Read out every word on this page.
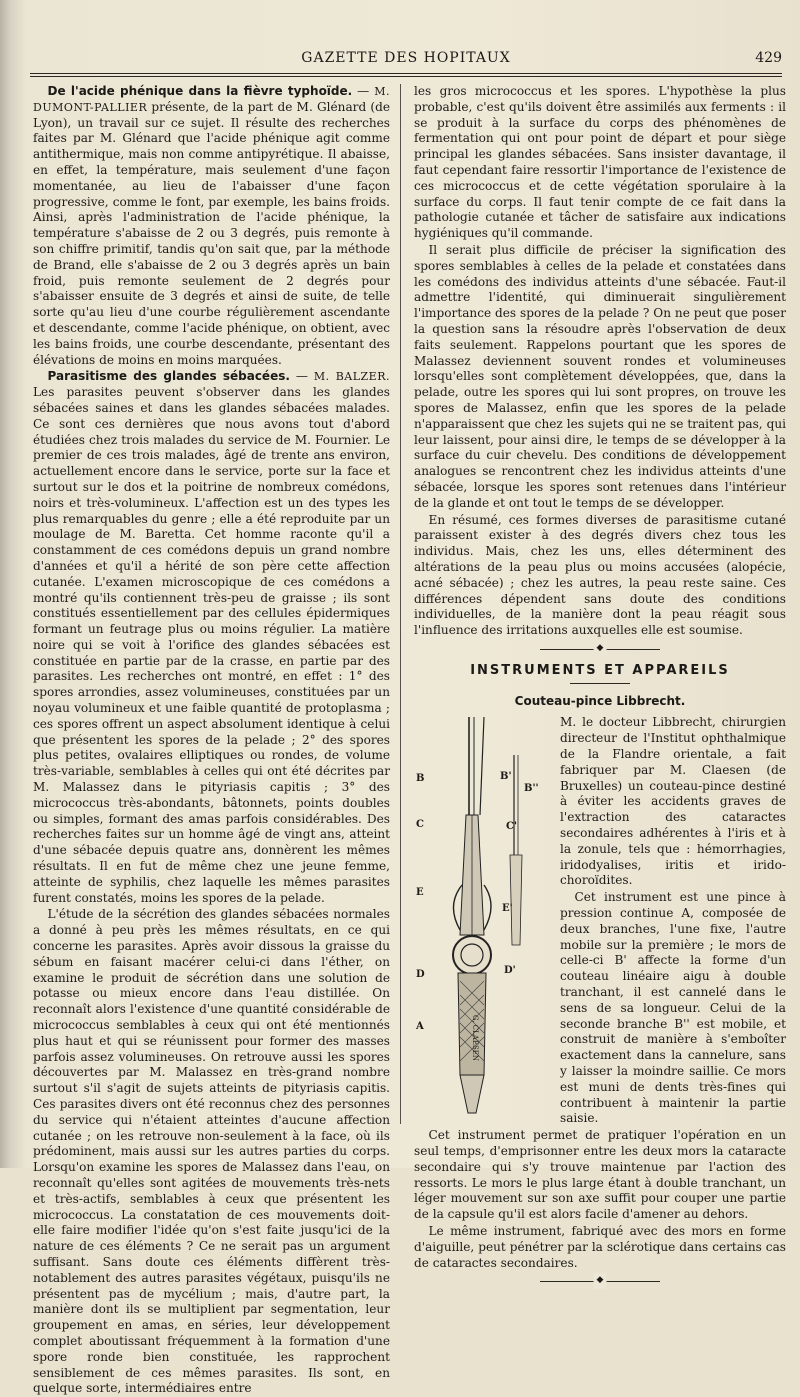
GAZETTE DES HOPITAUX	429

De l'acide phénique dans la fièvre typhoïde. — M. DUMONT-PALLIER présente, de la part de M. Glénard (de Lyon), un travail sur ce sujet. Il résulte des recherches faites par M. Glénard que l'acide phénique agit comme antithermique, mais non comme antipyrétique. Il abaisse, en effet, la température, mais seulement d'une façon momentanée, au lieu de l'abaisser d'une façon progressive, comme le font, par exemple, les bains froids. Ainsi, après l'administration de l'acide phénique, la température s'abaisse de 2 ou 3 degrés, puis remonte à son chiffre primitif, tandis qu'on sait que, par la méthode de Brand, elle s'abaisse de 2 ou 3 degrés après un bain froid, puis remonte seulement de 2 degrés pour s'abaisser ensuite de 3 degrés et ainsi de suite, de telle sorte qu'au lieu d'une courbe régulièrement ascendante et descendante, comme l'acide phénique, on obtient, avec les bains froids, une courbe descendante, présentant des élévations de moins en moins marquées.

Parasitisme des glandes sébacées. — M. BALZER. Les parasites peuvent s'observer dans les glandes sébacées saines et dans les glandes sébacées malades. Ce sont ces dernières que nous avons tout d'abord étudiées chez trois malades du service de M. Fournier. Le premier de ces trois malades, âgé de trente ans environ, actuellement encore dans le service, porte sur la face et surtout sur le dos et la poitrine de nombreux comédons, noirs et très-volumineux. L'affection est un des types les plus remarquables du genre ; elle a été reproduite par un moulage de M. Baretta. Cet homme raconte qu'il a constamment de ces comédons depuis un grand nombre d'années et qu'il a hérité de son père cette affection cutanée. L'examen microscopique de ces comédons a montré qu'ils contiennent très-peu de graisse ; ils sont constitués essentiellement par des cellules épidermiques formant un feutrage plus ou moins régulier. La matière noire qui se voit à l'orifice des glandes sébacées est constituée en partie par de la crasse, en partie par des parasites. Les recherches ont montré, en effet : 1° des spores arrondies, assez volumineuses, constituées par un noyau volumineux et une faible quantité de protoplasma ; ces spores offrent un aspect absolument identique à celui que présentent les spores de la pelade ; 2° des spores plus petites, ovalaires elliptiques ou rondes, de volume très-variable, semblables à celles qui ont été décrites par M. Malassez dans le pityriasis capitis ; 3° des micrococcus très-abondants, bâtonnets, points doubles ou simples, formant des amas parfois considérables. Des recherches faites sur un homme âgé de vingt ans, atteint d'une sébacée depuis quatre ans, donnèrent les mêmes résultats. Il en fut de même chez une jeune femme, atteinte de syphilis, chez laquelle les mêmes parasites furent constatés, moins les spores de la pelade.

L'étude de la sécrétion des glandes sébacées normales a donné à peu près les mêmes résultats, en ce qui concerne les parasites. Après avoir dissous la graisse du sébum en faisant macérer celui-ci dans l'éther, on examine le produit de sécrétion dans une solution de potasse ou mieux encore dans l'eau distillée. On reconnaît alors l'existence d'une quantité considérable de micrococcus semblables à ceux qui ont été mentionnés plus haut et qui se réunissent pour former des masses parfois assez volumineuses. On retrouve aussi les spores découvertes par M. Malassez en très-grand nombre surtout s'il s'agit de sujets atteints de pityriasis capitis. Ces parasites divers ont été reconnus chez des personnes du service qui n'étaient atteintes d'aucune affection cutanée ; on les retrouve non-seulement à la face, où ils prédominent, mais aussi sur les autres parties du corps. Lorsqu'on examine les spores de Malassez dans l'eau, on reconnaît qu'elles sont agitées de mouvements très-nets et très-actifs, semblables à ceux que présentent les micrococcus. La constatation de ces mouvements doit-elle faire modifier l'idée qu'on s'est faite jusqu'ici de la nature de ces éléments ? Ce ne serait pas un argument suffisant. Sans doute ces éléments diffèrent très-notablement des autres parasites végétaux, puisqu'ils ne présentent pas de mycélium ; mais, d'autre part, la manière dont ils se multiplient par segmentation, leur groupement en amas, en séries, leur développement complet aboutissant fréquemment à la formation d'une spore ronde bien constituée, les rapprochent sensiblement de ces mêmes parasites. Ils sont, en quelque sorte, intermédiaires entre

les gros micrococcus et les spores. L'hypothèse la plus probable, c'est qu'ils doivent être assimilés aux ferments : il se produit à la surface du corps des phénomènes de fermentation qui ont pour point de départ et pour siège principal les glandes sébacées. Sans insister davantage, il faut cependant faire ressortir l'importance de l'existence de ces micrococcus et de cette végétation sporulaire à la surface du corps. Il faut tenir compte de ce fait dans la pathologie cutanée et tâcher de satisfaire aux indications hygiéniques qu'il commande.

Il serait plus difficile de préciser la signification des spores semblables à celles de la pelade et constatées dans les comédons des individus atteints d'une sébacée. Faut-il admettre l'identité, qui diminuerait singulièrement l'importance des spores de la pelade ? On ne peut que poser la question sans la résoudre après l'observation de deux faits seulement. Rappelons pourtant que les spores de Malassez deviennent souvent rondes et volumineuses lorsqu'elles sont complètement développées, que, dans la pelade, outre les spores qui lui sont propres, on trouve les spores de Malassez, enfin que les spores de la pelade n'apparaissent que chez les sujets qui ne se traitent pas, qui leur laissent, pour ainsi dire, le temps de se développer à la surface du cuir chevelu. Des conditions de développement analogues se rencontrent chez les individus atteints d'une sébacée, lorsque les spores sont retenues dans l'intérieur de la glande et ont tout le temps de se développer.

En résumé, ces formes diverses de parasitisme cutané paraissent exister à des degrés divers chez tous les individus. Mais, chez les uns, elles déterminent des altérations de la peau plus ou moins accusées (alopécie, acné sébacée) ; chez les autres, la peau reste saine. Ces différences dépendent sans doute des conditions individuelles, de la manière dont la peau réagit sous l'influence des irritations auxquelles elle est soumise.

◆
INSTRUMENTS ET APPAREILS
Couteau-pince Libbrecht.

B	B'
B''
C	C'
E
E'
D	D'
A	G. CLAESEN
M. le docteur Libbrecht, chirurgien directeur de l'Institut ophthalmique de la Flandre orientale, a fait fabriquer par M. Claesen (de Bruxelles) un couteau-pince destiné à éviter les accidents graves de l'extraction des cataractes secondaires adhérentes à l'iris et à la zonule, tels que : hémorrhagies, iridodyalises, iritis et irido-choroïdites.

Cet instrument est une pince à pression continue A, composée de deux branches, l'une fixe, l'autre mobile sur la première ; le mors de celle-ci B' affecte la forme d'un couteau linéaire aigu à double tranchant, il est cannelé dans le sens de sa longueur. Celui de la seconde branche B'' est mobile, et construit de manière à s'emboîter exactement dans la cannelure, sans y laisser la moindre saillie. Ce mors est muni de dents très-fines qui contribuent à maintenir la partie saisie.

Cet instrument permet de pratiquer l'opération en un seul temps, d'emprisonner entre les deux mors la cataracte secondaire qui s'y trouve maintenue par l'action des ressorts. Le mors le plus large étant à double tranchant, un léger mouvement sur son axe suffit pour couper une partie de la capsule qu'il est alors facile d'amener au dehors.

Le même instrument, fabriqué avec des mors en forme d'aiguille, peut pénétrer par la sclérotique dans certains cas de cataractes secondaires.

◆
